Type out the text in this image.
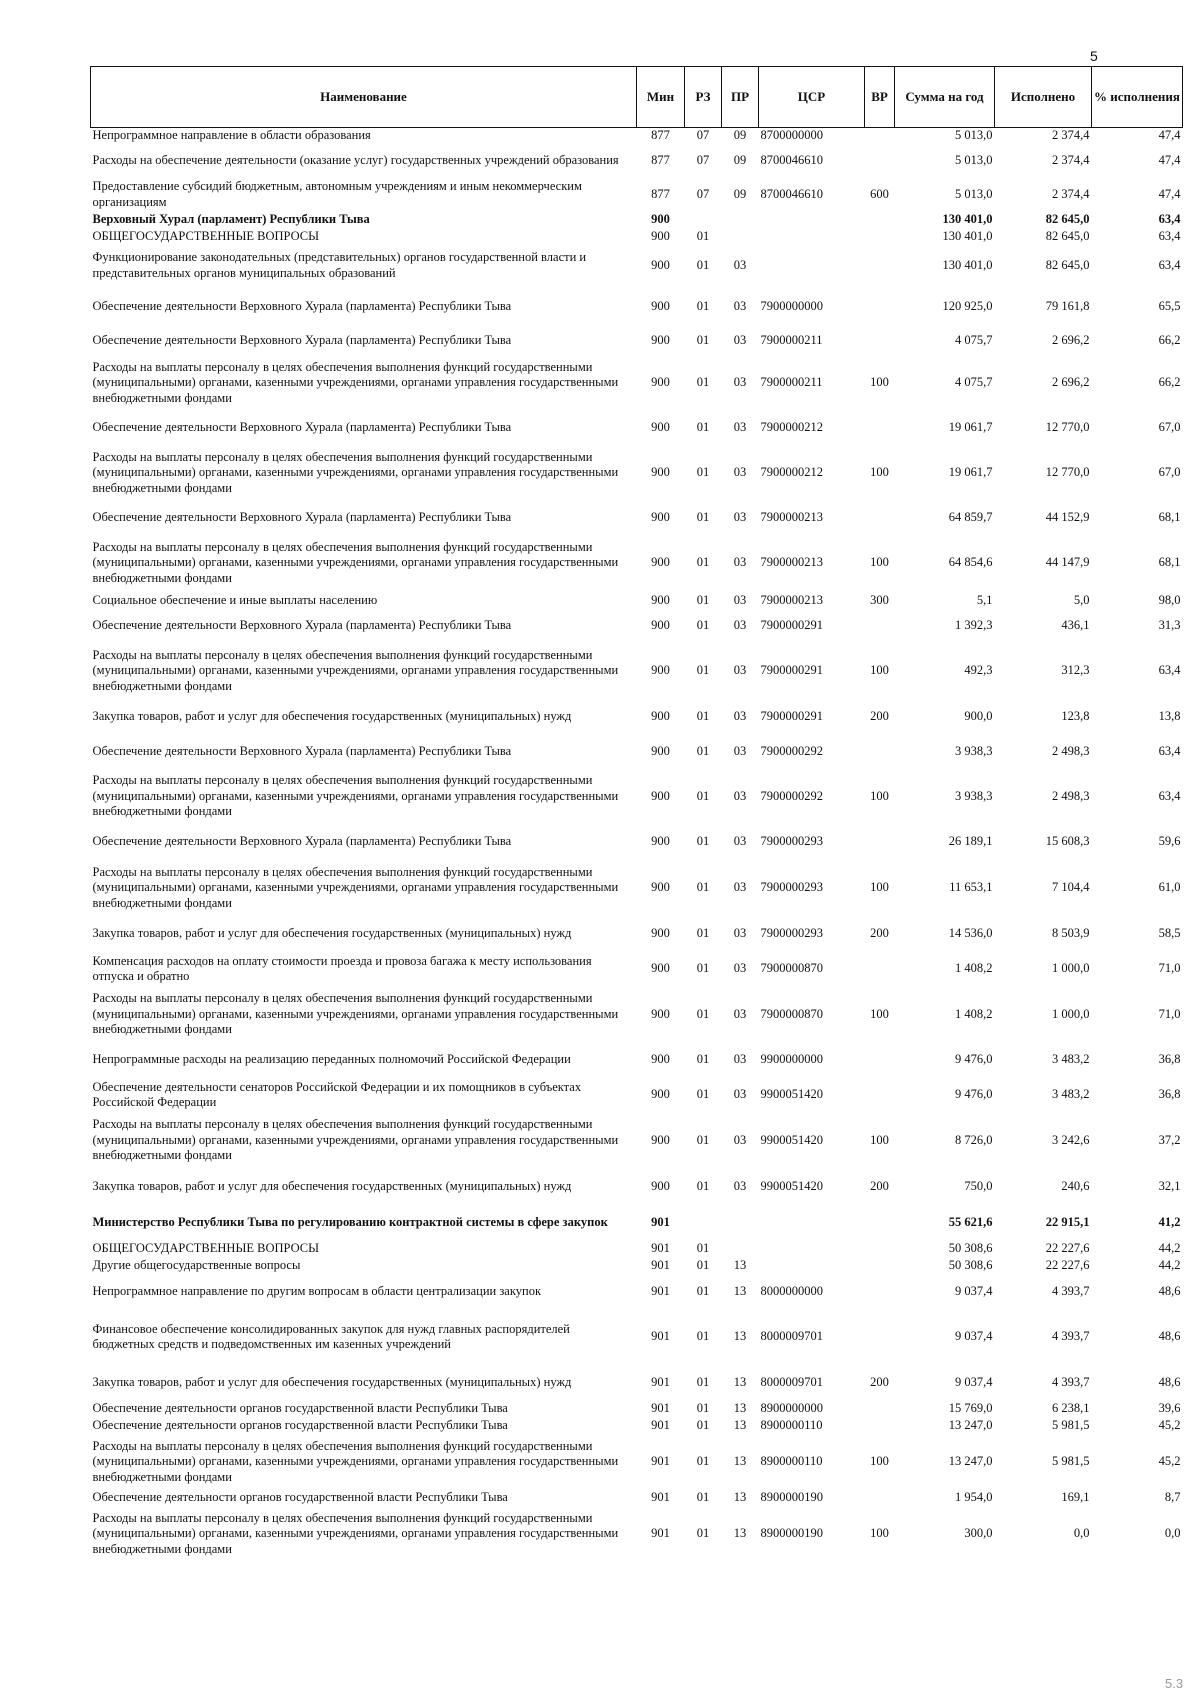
5
Наименование	Мин	РЗ	ПР	ЦСР	ВР	Сумма на год	Исполнено	% исполнения
Непрограммное направление в области образования	877	07	09	8700000000		5 013,0	2 374,4	47,4
Расходы на обеспечение деятельности (оказание услуг) государственных учреждений образования	877	07	09	8700046610		5 013,0	2 374,4	47,4
Предоставление субсидий бюджетным, автономным учреждениям и иным некоммерческим организациям	877	07	09	8700046610	600	5 013,0	2 374,4	47,4
Верховный Хурал (парламент) Республики Тыва	900					130 401,0	82 645,0	63,4
ОБЩЕГОСУДАРСТВЕННЫЕ ВОПРОСЫ	900	01				130 401,0	82 645,0	63,4
Функционирование законодательных (представительных) органов государственной власти и представительных органов муниципальных образований	900	01	03			130 401,0	82 645,0	63,4
Обеспечение деятельности Верховного Хурала (парламента) Республики Тыва	900	01	03	7900000000		120 925,0	79 161,8	65,5
Обеспечение деятельности Верховного Хурала (парламента) Республики Тыва	900	01	03	7900000211		4 075,7	2 696,2	66,2
Расходы на выплаты персоналу в целях обеспечения выполнения функций государственными (муниципальными) органами, казенными учреждениями, органами управления государственными внебюджетными фондами	900	01	03	7900000211	100	4 075,7	2 696,2	66,2
Обеспечение деятельности Верховного Хурала (парламента) Республики Тыва	900	01	03	7900000212		19 061,7	12 770,0	67,0
Расходы на выплаты персоналу в целях обеспечения выполнения функций государственными (муниципальными) органами, казенными учреждениями, органами управления государственными внебюджетными фондами	900	01	03	7900000212	100	19 061,7	12 770,0	67,0
Обеспечение деятельности Верховного Хурала (парламента) Республики Тыва	900	01	03	7900000213		64 859,7	44 152,9	68,1
Расходы на выплаты персоналу в целях обеспечения выполнения функций государственными (муниципальными) органами, казенными учреждениями, органами управления государственными внебюджетными фондами	900	01	03	7900000213	100	64 854,6	44 147,9	68,1
Социальное обеспечение и иные выплаты населению	900	01	03	7900000213	300	5,1	5,0	98,0
Обеспечение деятельности Верховного Хурала (парламента) Республики Тыва	900	01	03	7900000291		1 392,3	436,1	31,3
Расходы на выплаты персоналу в целях обеспечения выполнения функций государственными (муниципальными) органами, казенными учреждениями, органами управления государственными внебюджетными фондами	900	01	03	7900000291	100	492,3	312,3	63,4
Закупка товаров, работ и услуг для обеспечения государственных (муниципальных) нужд	900	01	03	7900000291	200	900,0	123,8	13,8
Обеспечение деятельности Верховного Хурала (парламента) Республики Тыва	900	01	03	7900000292		3 938,3	2 498,3	63,4
Расходы на выплаты персоналу в целях обеспечения выполнения функций государственными (муниципальными) органами, казенными учреждениями, органами управления государственными внебюджетными фондами	900	01	03	7900000292	100	3 938,3	2 498,3	63,4
Обеспечение деятельности Верховного Хурала (парламента) Республики Тыва	900	01	03	7900000293		26 189,1	15 608,3	59,6
Расходы на выплаты персоналу в целях обеспечения выполнения функций государственными (муниципальными) органами, казенными учреждениями, органами управления государственными внебюджетными фондами	900	01	03	7900000293	100	11 653,1	7 104,4	61,0
Закупка товаров, работ и услуг для обеспечения государственных (муниципальных) нужд	900	01	03	7900000293	200	14 536,0	8 503,9	58,5
Компенсация расходов на оплату стоимости проезда и провоза багажа к месту использования отпуска и обратно	900	01	03	7900000870		1 408,2	1 000,0	71,0
Расходы на выплаты персоналу в целях обеспечения выполнения функций государственными (муниципальными) органами, казенными учреждениями, органами управления государственными внебюджетными фондами	900	01	03	7900000870	100	1 408,2	1 000,0	71,0
Непрограммные расходы на реализацию переданных полномочий Российской Федерации	900	01	03	9900000000		9 476,0	3 483,2	36,8
Обеспечение деятельности сенаторов Российской Федерации и их помощников в субъектах Российской Федерации	900	01	03	9900051420		9 476,0	3 483,2	36,8
Расходы на выплаты персоналу в целях обеспечения выполнения функций государственными (муниципальными) органами, казенными учреждениями, органами управления государственными внебюджетными фондами	900	01	03	9900051420	100	8 726,0	3 242,6	37,2
Закупка товаров, работ и услуг для обеспечения государственных (муниципальных) нужд	900	01	03	9900051420	200	750,0	240,6	32,1
Министерство Республики Тыва по регулированию контрактной системы в сфере закупок	901					55 621,6	22 915,1	41,2
ОБЩЕГОСУДАРСТВЕННЫЕ ВОПРОСЫ	901	01				50 308,6	22 227,6	44,2
Другие общегосударственные вопросы	901	01	13			50 308,6	22 227,6	44,2
Непрограммное направление по другим вопросам в области централизации закупок	901	01	13	8000000000		9 037,4	4 393,7	48,6
Финансовое обеспечение консолидированных закупок для нужд главных распорядителей бюджетных средств и подведомственных им казенных учреждений	901	01	13	8000009701		9 037,4	4 393,7	48,6
Закупка товаров, работ и услуг для обеспечения государственных (муниципальных) нужд	901	01	13	8000009701	200	9 037,4	4 393,7	48,6
Обеспечение деятельности органов государственной власти Республики Тыва	901	01	13	8900000000		15 769,0	6 238,1	39,6
Обеспечение деятельности органов государственной власти Республики Тыва	901	01	13	8900000110		13 247,0	5 981,5	45,2
Расходы на выплаты персоналу в целях обеспечения выполнения функций государственными (муниципальными) органами, казенными учреждениями, органами управления государственными внебюджетными фондами	901	01	13	8900000110	100	13 247,0	5 981,5	45,2
Обеспечение деятельности органов государственной власти Республики Тыва	901	01	13	8900000190		1 954,0	169,1	8,7
Расходы на выплаты персоналу в целях обеспечения выполнения функций государственными (муниципальными) органами, казенными учреждениями, органами управления государственными внебюджетными фондами	901	01	13	8900000190	100	300,0	0,0	0,0
5.3
